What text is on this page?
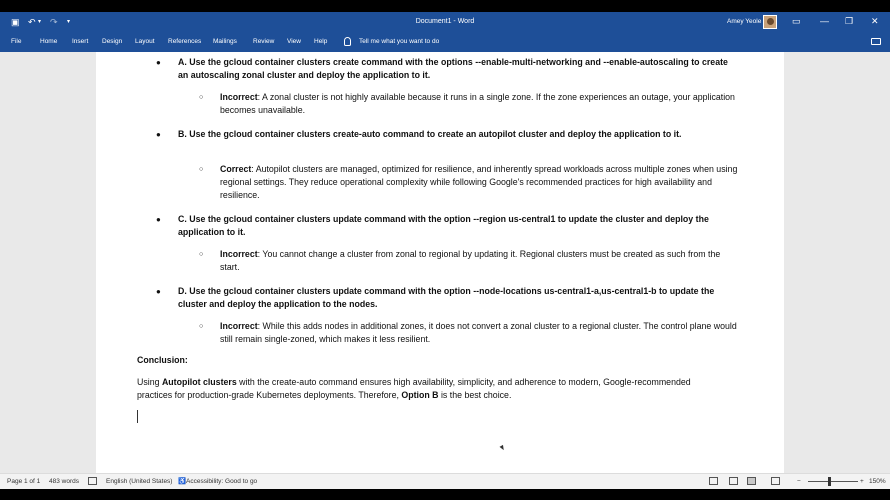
▣ ↶ ▾ ↷ ▾	Document1 - Word	Amey Yeole	▭ — ❐ ✕
File	Home Insert Design Layout References Mailings Review View Help	Tell me what you want to do
● A. Use the gcloud container clusters create command with the options --enable-multi-networking and --enable-autoscaling to create an autoscaling zonal cluster and deploy the application to it.
○ Incorrect: A zonal cluster is not highly available because it runs in a single zone. If the zone experiences an outage, your application becomes unavailable.
● B. Use the gcloud container clusters create-auto command to create an autopilot cluster and deploy the application to it.
○ Correct: Autopilot clusters are managed, optimized for resilience, and inherently spread workloads across multiple zones when using regional settings. They reduce operational complexity while following Google's recommended practices for high availability and resilience.
● C. Use the gcloud container clusters update command with the option --region us-central1 to update the cluster and deploy the application to it.
○ Incorrect: You cannot change a cluster from zonal to regional by updating it. Regional clusters must be created as such from the start.
● D. Use the gcloud container clusters update command with the option --node-locations us-central1-a,us-central1-b to update the cluster and deploy the application to the nodes.
○ Incorrect: While this adds nodes in additional zones, it does not convert a zonal cluster to a regional cluster. The control plane would still remain single-zoned, which makes it less resilient.
Conclusion:
Using Autopilot clusters with the create-auto command ensures high availability, simplicity, and adherence to modern, Google-recommended practices for production-grade Kubernetes deployments. Therefore, Option B is the best choice.
Page 1 of 1 483 words	English (United States) ♿ Accessibility: Good to go	−	+ 150%
